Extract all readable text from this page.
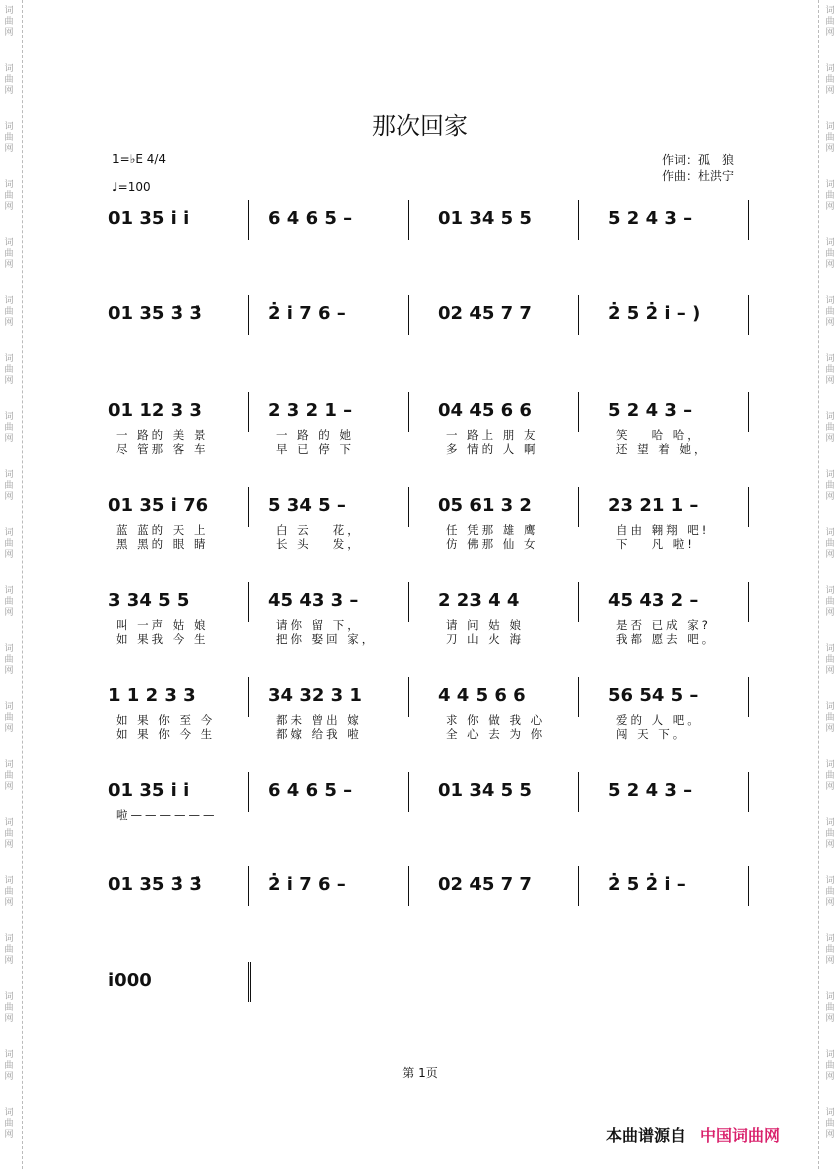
词
曲
网
词
曲
网
词
曲
网
词
曲
网
词
曲
网
词
曲
网
词
曲
网
词
曲
网
词
曲
网
词
曲
网
词
曲
网
词
曲
网
词
曲
网
词
曲
网
词
曲
网
词
曲
网
词
曲
网
词
曲
网
词
曲
网
词
曲
网
词
曲
网
词
曲
网
词
曲
网
词
曲
网
词
曲
网
词
曲
网
词
曲
网
词
曲
网
词
曲
网
词
曲
网
词
曲
网
词
曲
网
词
曲
网
词
曲
网
词
曲
网
词
曲
网
词
曲
网
词
曲
网
词
曲
网
词
曲
网
那次回家
1=♭E 4/4
♩=100
作词：孤　狼
作曲：杜洪宁
01 35 i̇ i̇	6 4 6 5 –	01 34 5 5	5 2 4 3 –
01 35 3̇ 3̇	2̇ i̇ 7 6 –	02 45 7 7	2̇ 5 2̇ i̇ – )
01 12 3 3	2 3 2 1 –	04 45 6 6	5 2 4 3 –
一 路的 美 景	一 路 的 她	一 路上 朋 友	笑　 哈 哈，
尽 管那 客 车	早 已 停 下	多 情的 人 啊	还 望 着 她，
01 35 i̇ 76	5 34 5 –	05 61 3 2	23 21 1 –
蓝 蓝的 天 上	白 云　 花，	任 凭那 雄 鹰	自由 翱翔 吧!
黑 黑的 眼 睛	长 头　 发，	仿 佛那 仙 女	下　 凡 啦!
3 34 5 5	45 43 3 –	2 23 4 4	45 43 2 –
叫 一声 姑 娘	请你 留 下，	请 问 姑 娘	是否 已成 家?
如 果我 今 生	把你 娶回 家，	刀 山 火 海	我都 愿去 吧。
1 1 2 3 3	34 32 3 1	4 4 5 6 6	56 54 5 –
如 果 你 至 今	都未 曾出 嫁	求 你 做 我 心	爱的 人 吧。
如 果 你 今 生	都嫁 给我 啦	全 心 去 为 你	闯 天 下。
01 35 i̇ i̇	6 4 6 5 –	01 34 5 5	5 2 4 3 –
啦——————
01 35 3̇ 3̇	2̇ i̇ 7 6 –	02 45 7 7	2̇ 5 2̇ i̇ –
i̇000
第 1页
本曲谱源自 中国词曲网
